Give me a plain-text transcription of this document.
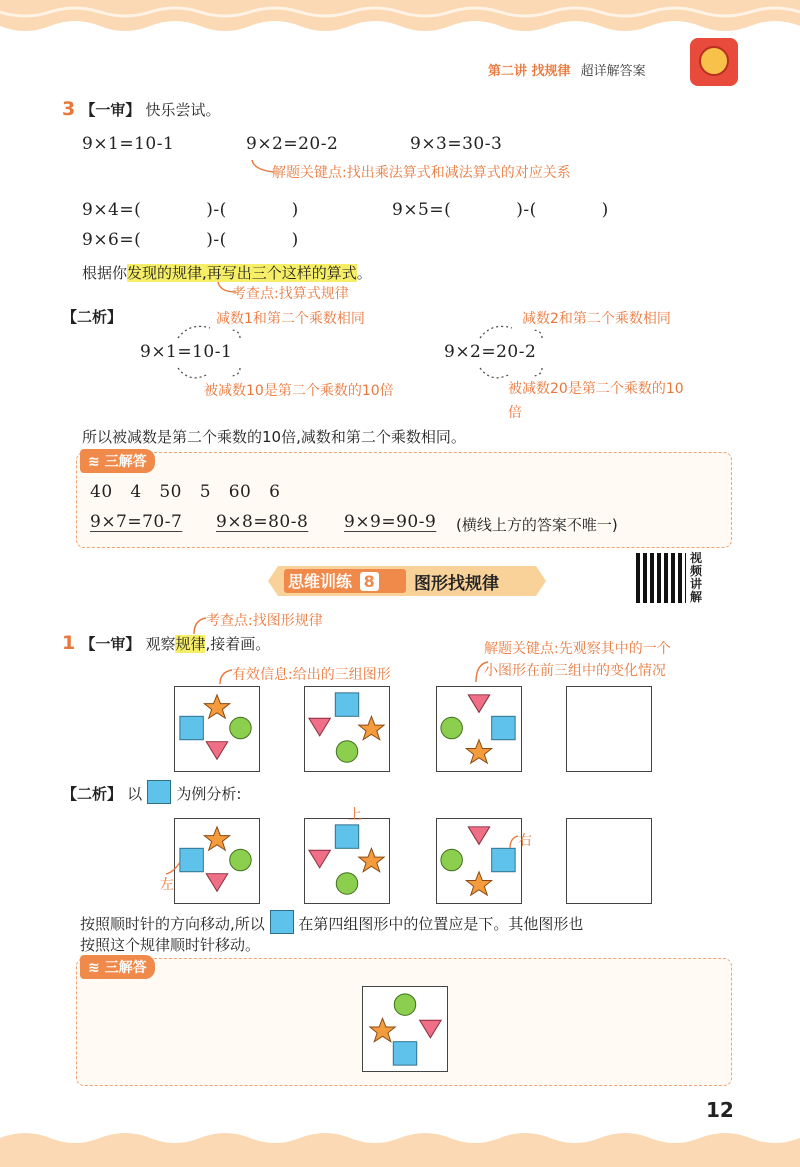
第二讲 找规律 超详解答案
3 【一审】 快乐尝试。
9×1=10-1	9×2=20-2	9×3=30-3
解题关键点:找出乘法算式和减法算式的对应关系
9×4=(           )-(           )	9×5=(           )-(           )
9×6=(           )-(           )
根据你发现的规律,再写出三个这样的算式。
考查点:找算式规律
【二析】
9×1=10-1
减数1和第二个乘数相同
被减数10是第二个乘数的10倍
9×2=20-2
减数2和第二个乘数相同
被减数20是第二个乘数的10
倍
所以被减数是第二个乘数的10倍,减数和第二个乘数相同。
≋ 三解答
40   4   50   5   60   6
9×7=70-7 9×8=80-8 9×9=90-9 (横线上方的答案不唯一)
思维训练 8 图形找规律
视
频
讲
解
考查点:找图形规律
1 【一审】 观察规律,接着画。	解题关键点:先观察其中的一个
小图形在前三组中的变化情况
有效信息:给出的三组图形
【二析】 以 为例分析:
左
上
右
按照顺时针的方向移动,所以 在第四组图形中的位置应是下。其他图形也
按照这个规律顺时针移动。
≋ 三解答
12
